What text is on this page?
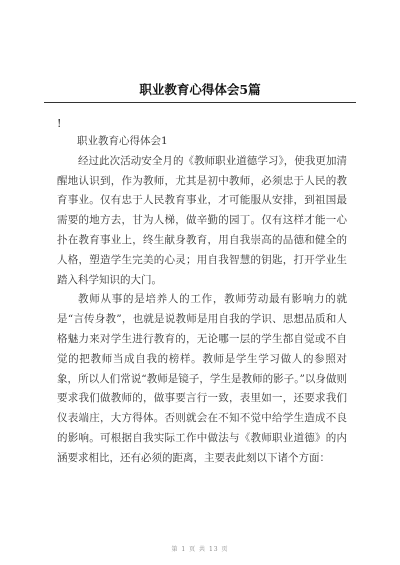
职业教育心得体会5篇
!

职业教育心得体会1

经过此次活动安全月的《教师职业道德学习》，使我更加清醒地认识到，作为教师，尤其是初中教师，必须忠于人民的教育事业。仅有忠于人民教育事业，才可能服从安排，到祖国最需要的地方去，甘为人梯，做辛勤的园丁。仅有这样才能一心扑在教育事业上，终生献身教育，用自我崇高的品德和健全的人格，塑造学生完美的心灵；用自我智慧的钥匙，打开学业生踏入科学知识的大门。

教师从事的是培养人的工作，教师劳动最有影响力的就是“言传身教”，也就是说教师是用自我的学识、思想品质和人格魅力来对学生进行教育的，无论哪一层的学生都自觉或不自觉的把教师当成自我的榜样。教师是学生学习做人的参照对象，所以人们常说“教师是镜子，学生是教师的影子。”以身做则要求我们做教师的，做事要言行一致，表里如一，还要求我们仪表端庄，大方得体。否则就会在不知不觉中给学生造成不良的影响。可根据自我实际工作中做法与《教师职业道德》的内涵要求相比，还有必须的距离，主要表此刻以下诸个方面：

第 1 页 共 13 页
